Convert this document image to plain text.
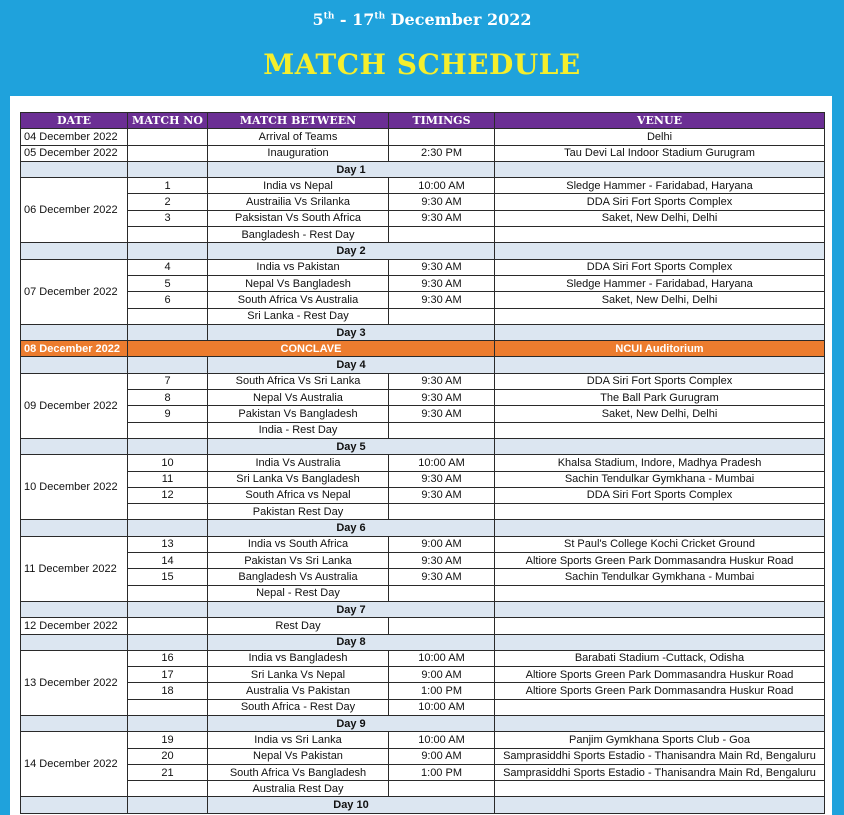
5th - 17th December 2022
MATCH SCHEDULE
DATE	MATCH NO	MATCH BETWEEN	TIMINGS	VENUE
04 December 2022		Arrival of Teams		Delhi
05 December 2022		Inauguration	2:30 PM	Tau Devi Lal Indoor Stadium Gurugram
		Day 1		
06 December 2022	1	India vs Nepal	10:00 AM	Sledge Hammer - Faridabad, Haryana
	2	Austrailia Vs Srilanka	9:30 AM	DDA Siri Fort Sports Complex
	3	Paksistan Vs South Africa	9:30 AM	Saket, New Delhi, Delhi
		Bangladesh - Rest Day		
		Day 2		
07 December 2022	4	India vs Pakistan	9:30 AM	DDA Siri Fort Sports Complex
	5	Nepal Vs Bangladesh	9:30 AM	Sledge Hammer - Faridabad, Haryana
	6	South Africa Vs Australia	9:30 AM	Saket, New Delhi, Delhi
		Sri Lanka - Rest Day		
		Day 3		
08 December 2022	CONCLAVE			NCUI Auditorium
		Day 4		
09 December 2022	7	South Africa Vs Sri Lanka	9:30 AM	DDA Siri Fort Sports Complex
	8	Nepal Vs Australia	9:30 AM	The Ball Park Gurugram
	9	Pakistan Vs Bangladesh	9:30 AM	Saket, New Delhi, Delhi
		India - Rest Day		
		Day 5		
10 December 2022	10	India Vs Australia	10:00 AM	Khalsa Stadium, Indore, Madhya Pradesh
	11	Sri Lanka Vs Bangladesh	9:30 AM	Sachin Tendulkar Gymkhana - Mumbai
	12	South Africa vs Nepal	9:30 AM	DDA Siri Fort Sports Complex
		Pakistan Rest Day		
		Day 6		
11 December 2022	13	India vs South Africa	9:00 AM	St Paul's College Kochi Cricket Ground
	14	Pakistan Vs Sri Lanka	9:30 AM	Altiore Sports Green Park Dommasandra Huskur Road
	15	Bangladesh Vs Australia	9:30 AM	Sachin Tendulkar Gymkhana - Mumbai
		Nepal - Rest Day		
		Day 7		
12 December 2022		Rest Day		
		Day 8		
13 December 2022	16	India vs Bangladesh	10:00 AM	Barabati Stadium -Cuttack, Odisha
	17	Sri Lanka Vs Nepal	9:00 AM	Altiore Sports Green Park Dommasandra Huskur Road
	18	Australia Vs Pakistan	1:00 PM	Altiore Sports Green Park Dommasandra Huskur Road
		South Africa - Rest Day	10:00 AM	
		Day 9		
14 December 2022	19	India vs Sri Lanka	10:00 AM	Panjim Gymkhana Sports Club - Goa
	20	Nepal Vs Pakistan	9:00 AM	Samprasiddhi Sports Estadio - Thanisandra Main Rd, Bengaluru
	21	South Africa Vs Bangladesh	1:00 PM	Samprasiddhi Sports Estadio - Thanisandra Main Rd, Bengaluru
		Australia Rest Day		
		Day 10		
